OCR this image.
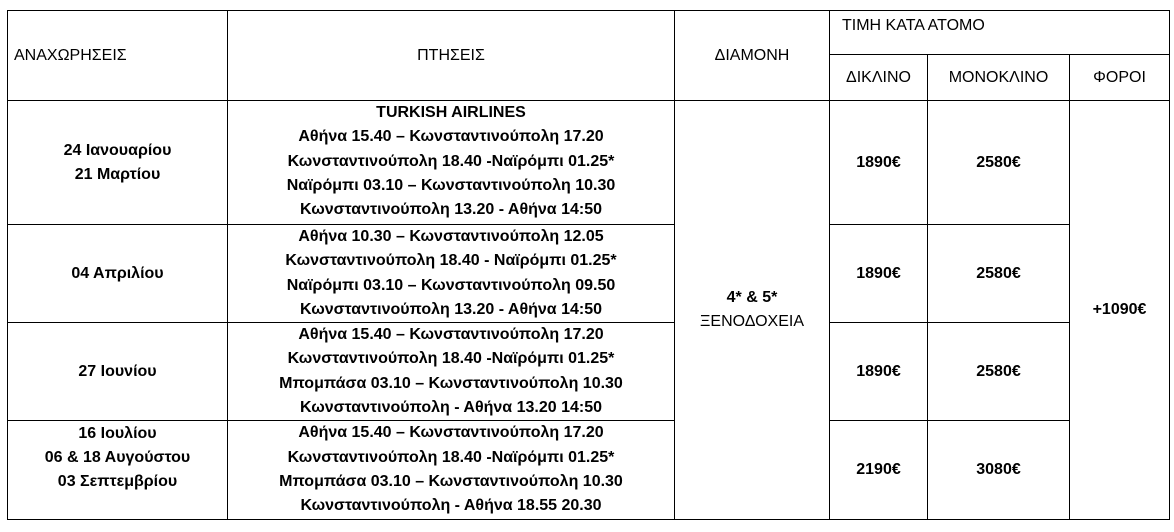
ΑΝΑΧΩΡΗΣΕΙΣ	ΠΤΗΣΕΙΣ	ΔΙΑΜΟΝΗ	ΤΙΜΗ ΚΑΤΑ ΑΤΟΜΟ		
			ΔΙΚΛΙΝΟ	ΜΟΝΟΚΛΙΝΟ	ΦΟΡΟΙ

24 Ιανουαρίου
21 Μαρτίου	TURKISH AIRLINES
Αθήνα 15.40 – Κωνσταντινούπολη 17.20
Κωνσταντινούπολη 18.40 -Ναϊρόμπι 01.25*
Ναϊρόμπι 03.10 – Κωνσταντινούπολη 10.30
Κωνσταντινούπολη 13.20 - Αθήνα 14:50	4* & 5*
ΞΕΝΟΔΟΧΕΙΑ	1890€	2580€	+1090€

04 Απριλίου	Αθήνα 10.30 – Κωνσταντινούπολη 12.05
Κωνσταντινούπολη 18.40 - Ναϊρόμπι 01.25*
Ναϊρόμπι 03.10 – Κωνσταντινούπολη 09.50
Κωνσταντινούπολη 13.20 - Αθήνα 14:50		1890€	2580€	

27 Ιουνίου	Αθήνα 15.40 – Κωνσταντινούπολη 17.20
Κωνσταντινούπολη 18.40 -Ναϊρόμπι 01.25*
Μπομπάσα 03.10 – Κωνσταντινούπολη 10.30
Κωνσταντινούπολη - Αθήνα 13.20 14:50		1890€	2580€	

16 Ιουλίου
06 & 18 Αυγούστου
03 Σεπτεμβρίου	Αθήνα 15.40 – Κωνσταντινούπολη 17.20
Κωνσταντινούπολη 18.40 -Ναϊρόμπι 01.25*
Μπομπάσα 03.10 – Κωνσταντινούπολη 10.30
Κωνσταντινούπολη - Αθήνα 18.55 20.30		2190€	3080€	
